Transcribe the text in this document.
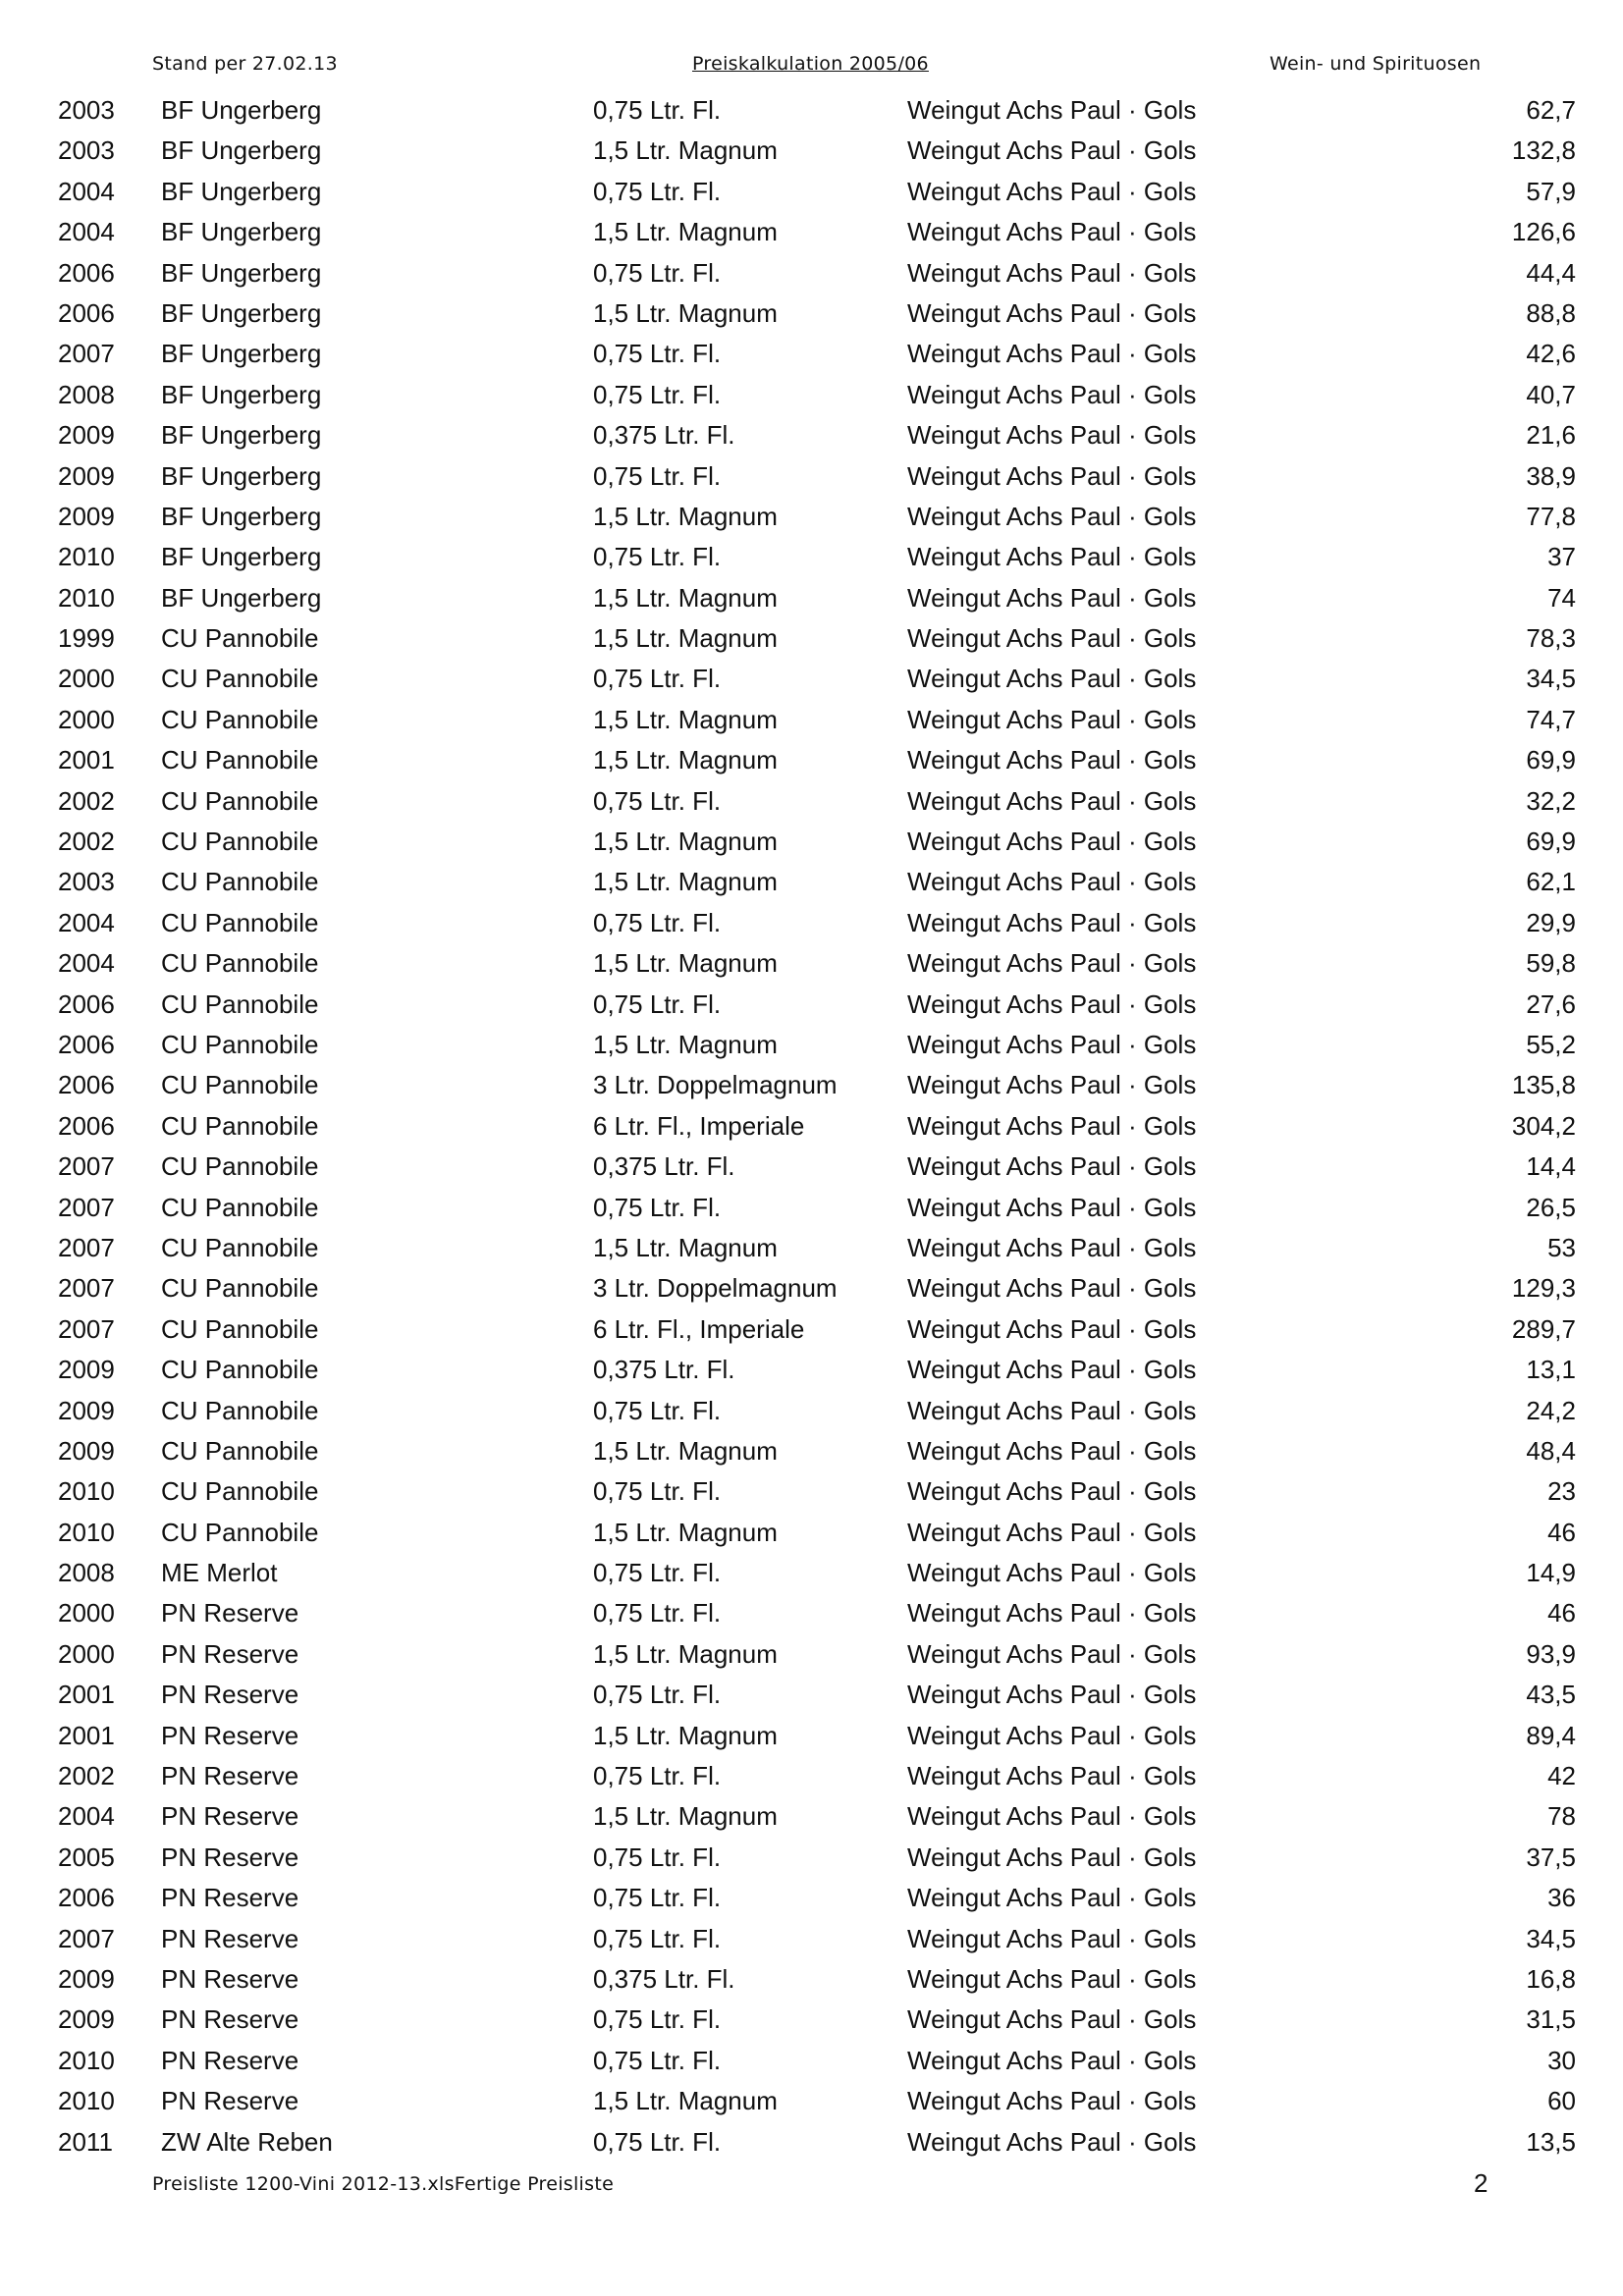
Stand per 27.02.13	Preiskalkulation 2005/06	Wein- und Spirituosen
2003 BF Ungerberg	0,75 Ltr. Fl.	Weingut Achs Paul · Gols	62,7
2003 BF Ungerberg	1,5 Ltr. Magnum	Weingut Achs Paul · Gols	132,8
2004 BF Ungerberg	0,75 Ltr. Fl.	Weingut Achs Paul · Gols	57,9
2004 BF Ungerberg	1,5 Ltr. Magnum	Weingut Achs Paul · Gols	126,6
2006 BF Ungerberg	0,75 Ltr. Fl.	Weingut Achs Paul · Gols	44,4
2006 BF Ungerberg	1,5 Ltr. Magnum	Weingut Achs Paul · Gols	88,8
2007 BF Ungerberg	0,75 Ltr. Fl.	Weingut Achs Paul · Gols	42,6
2008 BF Ungerberg	0,75 Ltr. Fl.	Weingut Achs Paul · Gols	40,7
2009 BF Ungerberg	0,375 Ltr. Fl.	Weingut Achs Paul · Gols	21,6
2009 BF Ungerberg	0,75 Ltr. Fl.	Weingut Achs Paul · Gols	38,9
2009 BF Ungerberg	1,5 Ltr. Magnum	Weingut Achs Paul · Gols	77,8
2010 BF Ungerberg	0,75 Ltr. Fl.	Weingut Achs Paul · Gols	37
2010 BF Ungerberg	1,5 Ltr. Magnum	Weingut Achs Paul · Gols	74
1999 CU Pannobile	1,5 Ltr. Magnum	Weingut Achs Paul · Gols	78,3
2000 CU Pannobile	0,75 Ltr. Fl.	Weingut Achs Paul · Gols	34,5
2000 CU Pannobile	1,5 Ltr. Magnum	Weingut Achs Paul · Gols	74,7
2001 CU Pannobile	1,5 Ltr. Magnum	Weingut Achs Paul · Gols	69,9
2002 CU Pannobile	0,75 Ltr. Fl.	Weingut Achs Paul · Gols	32,2
2002 CU Pannobile	1,5 Ltr. Magnum	Weingut Achs Paul · Gols	69,9
2003 CU Pannobile	1,5 Ltr. Magnum	Weingut Achs Paul · Gols	62,1
2004 CU Pannobile	0,75 Ltr. Fl.	Weingut Achs Paul · Gols	29,9
2004 CU Pannobile	1,5 Ltr. Magnum	Weingut Achs Paul · Gols	59,8
2006 CU Pannobile	0,75 Ltr. Fl.	Weingut Achs Paul · Gols	27,6
2006 CU Pannobile	1,5 Ltr. Magnum	Weingut Achs Paul · Gols	55,2
2006 CU Pannobile	3 Ltr. Doppelmagnum	Weingut Achs Paul · Gols	135,8
2006 CU Pannobile	6 Ltr. Fl., Imperiale	Weingut Achs Paul · Gols	304,2
2007 CU Pannobile	0,375 Ltr. Fl.	Weingut Achs Paul · Gols	14,4
2007 CU Pannobile	0,75 Ltr. Fl.	Weingut Achs Paul · Gols	26,5
2007 CU Pannobile	1,5 Ltr. Magnum	Weingut Achs Paul · Gols	53
2007 CU Pannobile	3 Ltr. Doppelmagnum	Weingut Achs Paul · Gols	129,3
2007 CU Pannobile	6 Ltr. Fl., Imperiale	Weingut Achs Paul · Gols	289,7
2009 CU Pannobile	0,375 Ltr. Fl.	Weingut Achs Paul · Gols	13,1
2009 CU Pannobile	0,75 Ltr. Fl.	Weingut Achs Paul · Gols	24,2
2009 CU Pannobile	1,5 Ltr. Magnum	Weingut Achs Paul · Gols	48,4
2010 CU Pannobile	0,75 Ltr. Fl.	Weingut Achs Paul · Gols	23
2010 CU Pannobile	1,5 Ltr. Magnum	Weingut Achs Paul · Gols	46
2008 ME Merlot	0,75 Ltr. Fl.	Weingut Achs Paul · Gols	14,9
2000 PN Reserve	0,75 Ltr. Fl.	Weingut Achs Paul · Gols	46
2000 PN Reserve	1,5 Ltr. Magnum	Weingut Achs Paul · Gols	93,9
2001 PN Reserve	0,75 Ltr. Fl.	Weingut Achs Paul · Gols	43,5
2001 PN Reserve	1,5 Ltr. Magnum	Weingut Achs Paul · Gols	89,4
2002 PN Reserve	0,75 Ltr. Fl.	Weingut Achs Paul · Gols	42
2004 PN Reserve	1,5 Ltr. Magnum	Weingut Achs Paul · Gols	78
2005 PN Reserve	0,75 Ltr. Fl.	Weingut Achs Paul · Gols	37,5
2006 PN Reserve	0,75 Ltr. Fl.	Weingut Achs Paul · Gols	36
2007 PN Reserve	0,75 Ltr. Fl.	Weingut Achs Paul · Gols	34,5
2009 PN Reserve	0,375 Ltr. Fl.	Weingut Achs Paul · Gols	16,8
2009 PN Reserve	0,75 Ltr. Fl.	Weingut Achs Paul · Gols	31,5
2010 PN Reserve	0,75 Ltr. Fl.	Weingut Achs Paul · Gols	30
2010 PN Reserve	1,5 Ltr. Magnum	Weingut Achs Paul · Gols	60
2011 ZW Alte Reben	0,75 Ltr. Fl.	Weingut Achs Paul · Gols	13,5
Preisliste 1200-Vini 2012-13.xlsFertige Preisliste	2
